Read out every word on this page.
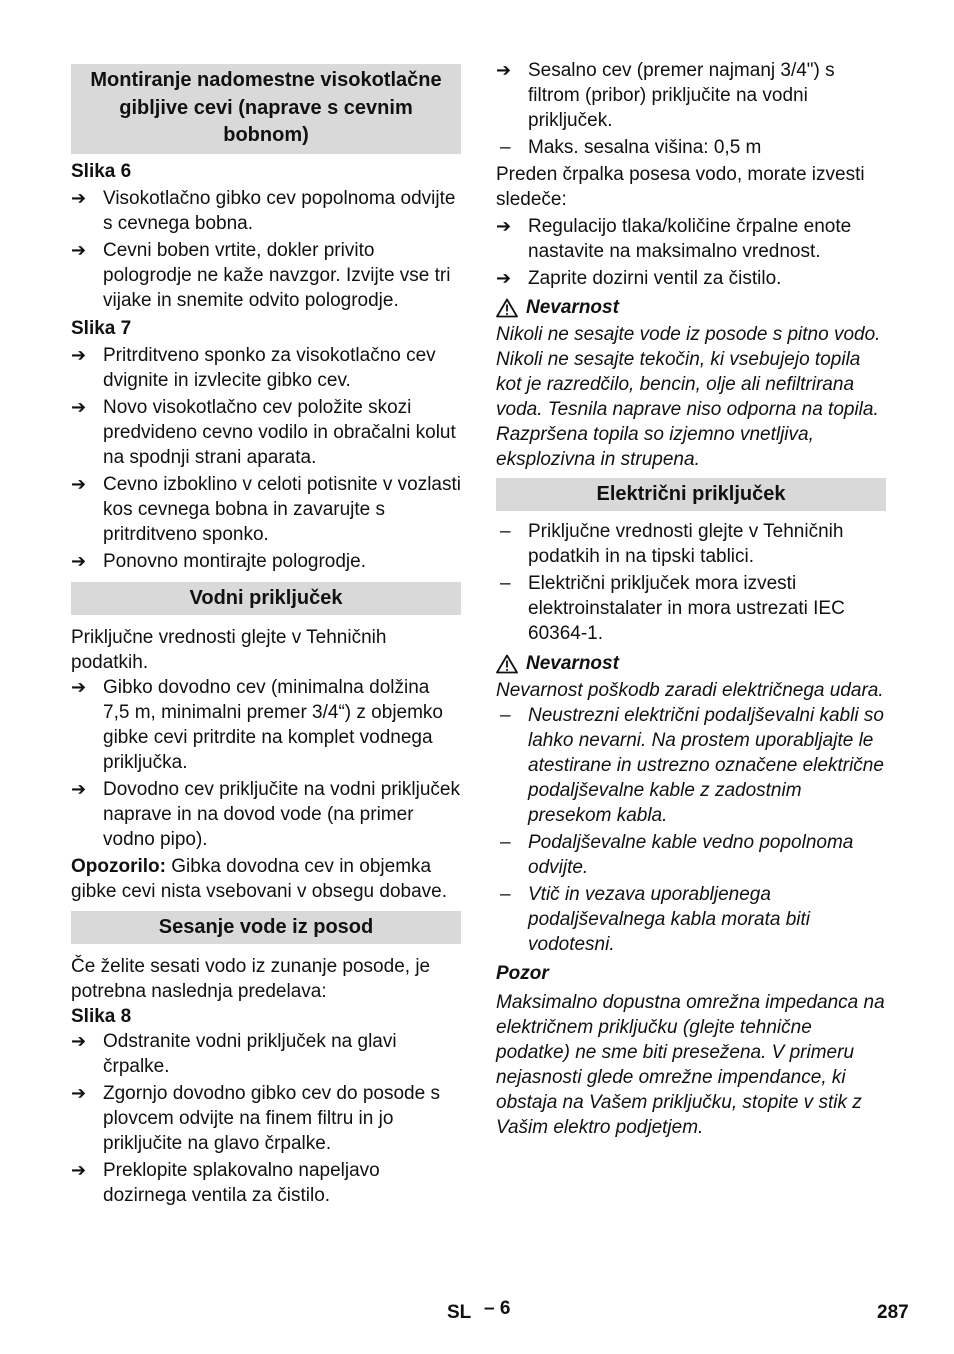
Montiranje nadomestne visokotlačne gibljive cevi (naprave s cevnim bobnom)
Slika 6
➔ Visokotlačno gibko cev popolnoma odvijte s cevnega bobna.
➔ Cevni boben vrtite, dokler privito pologrodje ne kaže navzgor. Izvijte vse tri vijake in snemite odvito pologrodje.
Slika 7
➔ Pritrditveno sponko za visokotlačno cev dvignite in izvlecite gibko cev.
➔ Novo visokotlačno cev položite skozi predvideno cevno vodilo in obračalni kolut na spodnji strani aparata.
➔ Cevno izboklino v celoti potisnite v vozlasti kos cevnega bobna in zavarujte s pritrditveno sponko.
➔ Ponovno montirajte pologrodje.
Vodni priključek
Priključne vrednosti glejte v Tehničnih podatkih.
➔ Gibko dovodno cev (minimalna dolžina 7,5 m, minimalni premer 3/4“) z objemko gibke cevi pritrdite na komplet vodnega priključka.
➔ Dovodno cev priključite na vodni priključek naprave in na dovod vode (na primer vodno pipo).
Opozorilo: Gibka dovodna cev in objemka gibke cevi nista vsebovani v obsegu dobave.
Sesanje vode iz posod
Če želite sesati vodo iz zunanje posode, je potrebna naslednja predelava:
Slika 8
➔ Odstranite vodni priključek na glavi črpalke.
➔ Zgornjo dovodno gibko cev do posode s plovcem odvijte na finem filtru in jo priključite na glavo črpalke.
➔ Preklopite splakovalno napeljavo dozirnega ventila za čistilo.
➔ Sesalno cev (premer najmanj 3/4") s filtrom (pribor) priključite na vodni priključek.
– Maks. sesalna višina: 0,5 m
Preden črpalka posesa vodo, morate izvesti sledeče:
➔ Regulacijo tlaka/količine črpalne enote nastavite na maksimalno vrednost.
➔ Zaprite dozirni ventil za čistilo.
Nevarnost
Nikoli ne sesajte vode iz posode s pitno vodo. Nikoli ne sesajte tekočin, ki vsebujejo topila kot je razredčilo, bencin, olje ali nefiltrirana voda. Tesnila naprave niso odporna na topila. Razpršena topila so izjemno vnetljiva, eksplozivna in strupena.
Električni priključek
– Priključne vrednosti glejte v Tehničnih podatkih in na tipski tablici.
– Električni priključek mora izvesti elektroinstalater in mora ustrezati IEC 60364-1.
Nevarnost
Nevarnost poškodb zaradi električnega udara.
– Neustrezni električni podaljševalni kabli so lahko nevarni. Na prostem uporabljajte le atestirane in ustrezno označene električne podaljševalne kable z zadostnim presekom kabla.
– Podaljševalne kable vedno popolnoma odvijte.
– Vtič in vezava uporabljenega podaljševalnega kabla morata biti vodotesni.
Pozor
Maksimalno dopustna omrežna impedanca na električnem priključku (glejte tehnične podatke) ne sme biti presežena. V primeru nejasnosti glede omrežne impendance, ki obstaja na Vašem priključku, stopite v stik z Vašim elektro podjetjem.
SL – 6	287
